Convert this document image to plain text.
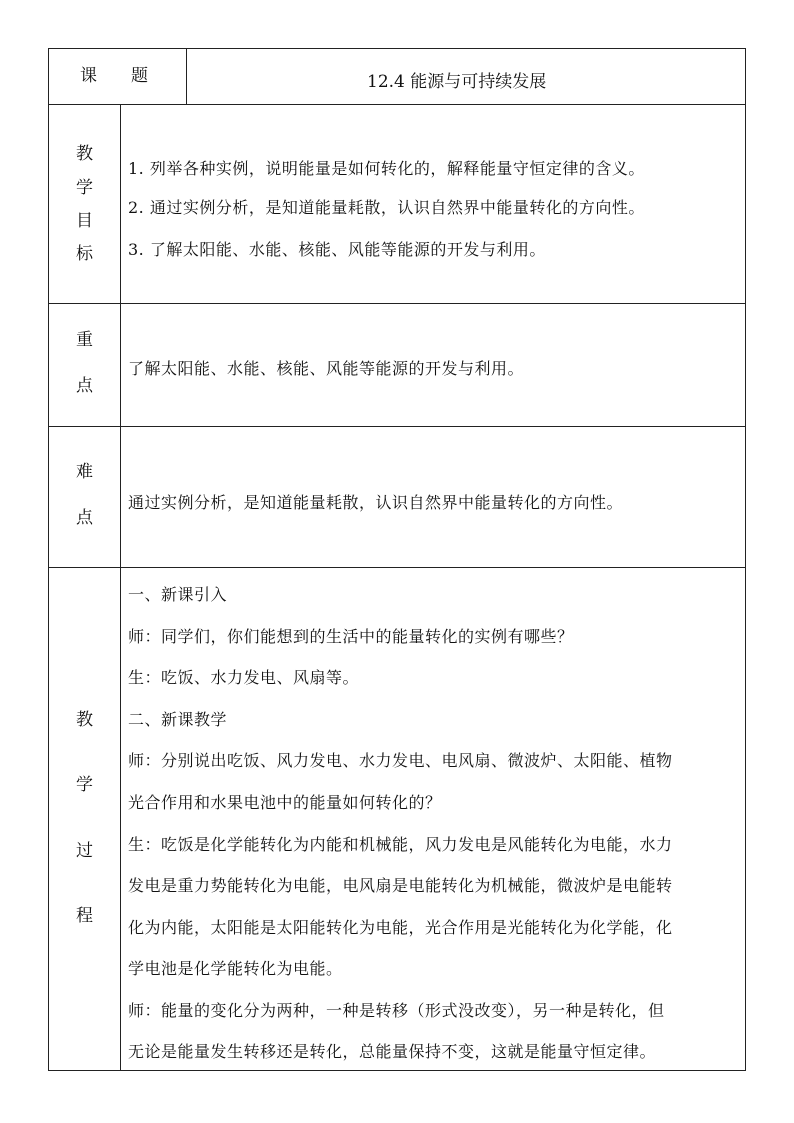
课 题	12.4 能源与可持续发展
教
学
目
标
1. 列举各种实例，说明能量是如何转化的，解释能量守恒定律的含义。
2. 通过实例分析，是知道能量耗散，认识自然界中能量转化的方向性。
3. 了解太阳能、水能、核能、风能等能源的开发与利用。
重
点
了解太阳能、水能、核能、风能等能源的开发与利用。
难
点
通过实例分析，是知道能量耗散，认识自然界中能量转化的方向性。
教
学
过
程
一、新课引入
师：同学们，你们能想到的生活中的能量转化的实例有哪些？
生：吃饭、水力发电、风扇等。
二、新课教学
师：分别说出吃饭、风力发电、水力发电、电风扇、微波炉、太阳能、植物
光合作用和水果电池中的能量如何转化的？
生：吃饭是化学能转化为内能和机械能，风力发电是风能转化为电能，水力
发电是重力势能转化为电能，电风扇是电能转化为机械能，微波炉是电能转
化为内能，太阳能是太阳能转化为电能，光合作用是光能转化为化学能，化
学电池是化学能转化为电能。
师：能量的变化分为两种，一种是转移（形式没改变），另一种是转化，但
无论是能量发生转移还是转化，总能量保持不变，这就是能量守恒定律。
